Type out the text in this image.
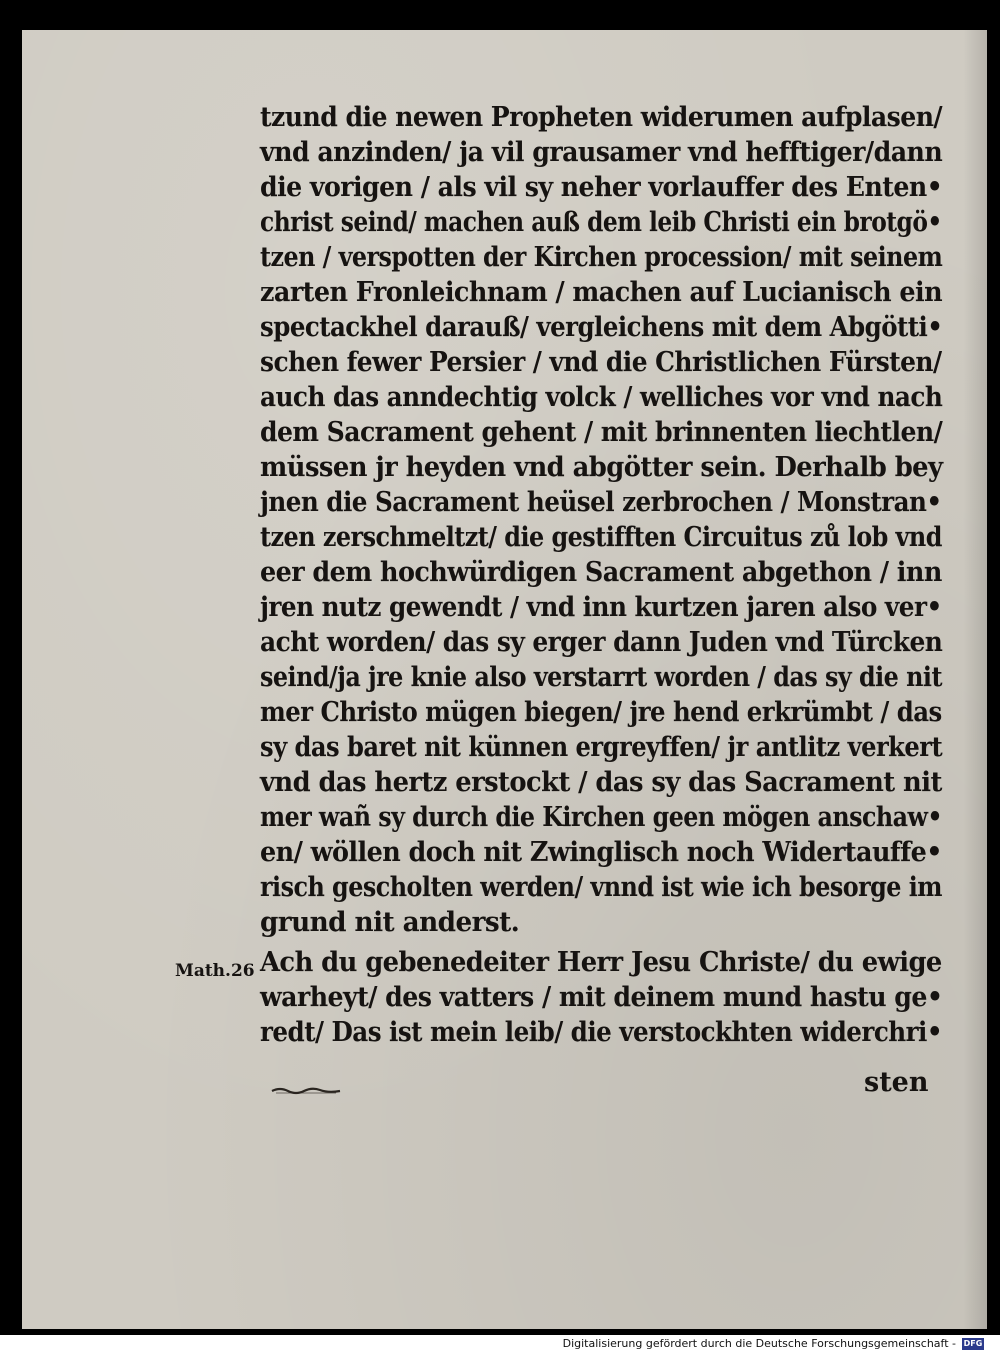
tzund die newen Propheten widerumen aufplasen/
vnd anzinden/ ja vil grausamer vnd hefftiger/dann
die vorigen / als vil sy neher vorlauffer des Enten•
christ seind/ machen auß dem leib Christi ein brotgö•
tzen / verspotten der Kirchen procession/ mit seinem
zarten Fronleichnam / machen auf Lucianisch ein
spectackhel darauß/ vergleichens mit dem Abgötti•
schen fewer Persier / vnd die Christlichen Fürsten/
auch das anndechtig volck / welliches vor vnd nach
dem Sacrament gehent / mit brinnenten liechtlen/
müssen jr heyden vnd abgötter sein. Derhalb bey
jnen die Sacrament heüsel zerbrochen / Monstran•
tzen zerschmeltzt/ die gestifften Circuitus zů lob vnd
eer dem hochwürdigen Sacrament abgethon / inn
jren nutz gewendt / vnd inn kurtzen jaren also ver•
acht worden/ das sy erger dann Juden vnd Türcken
seind/ja jre knie also verstarrt worden / das sy die nit
mer Christo mügen biegen/ jre hend erkrümbt / das
sy das baret nit künnen ergreyffen/ jr antlitz verkert
vnd das hertz erstockt / das sy das Sacrament nit
mer wañ sy durch die Kirchen geen mögen anschaw•
en/ wöllen doch nit Zwinglisch noch Widertauffe•
risch gescholten werden/ vnnd ist wie ich besorge im
grund nit anderst.
Ach du gebenedeiter Herr Jesu Christe/ du ewige
warheyt/ des vatters / mit deinem mund hastu ge•
redt/ Das ist mein leib/ die verstockhten widerchri•
Math.26
sten
Digitalisierung gefördert durch die Deutsche Forschungsgemeinschaft - DFG
